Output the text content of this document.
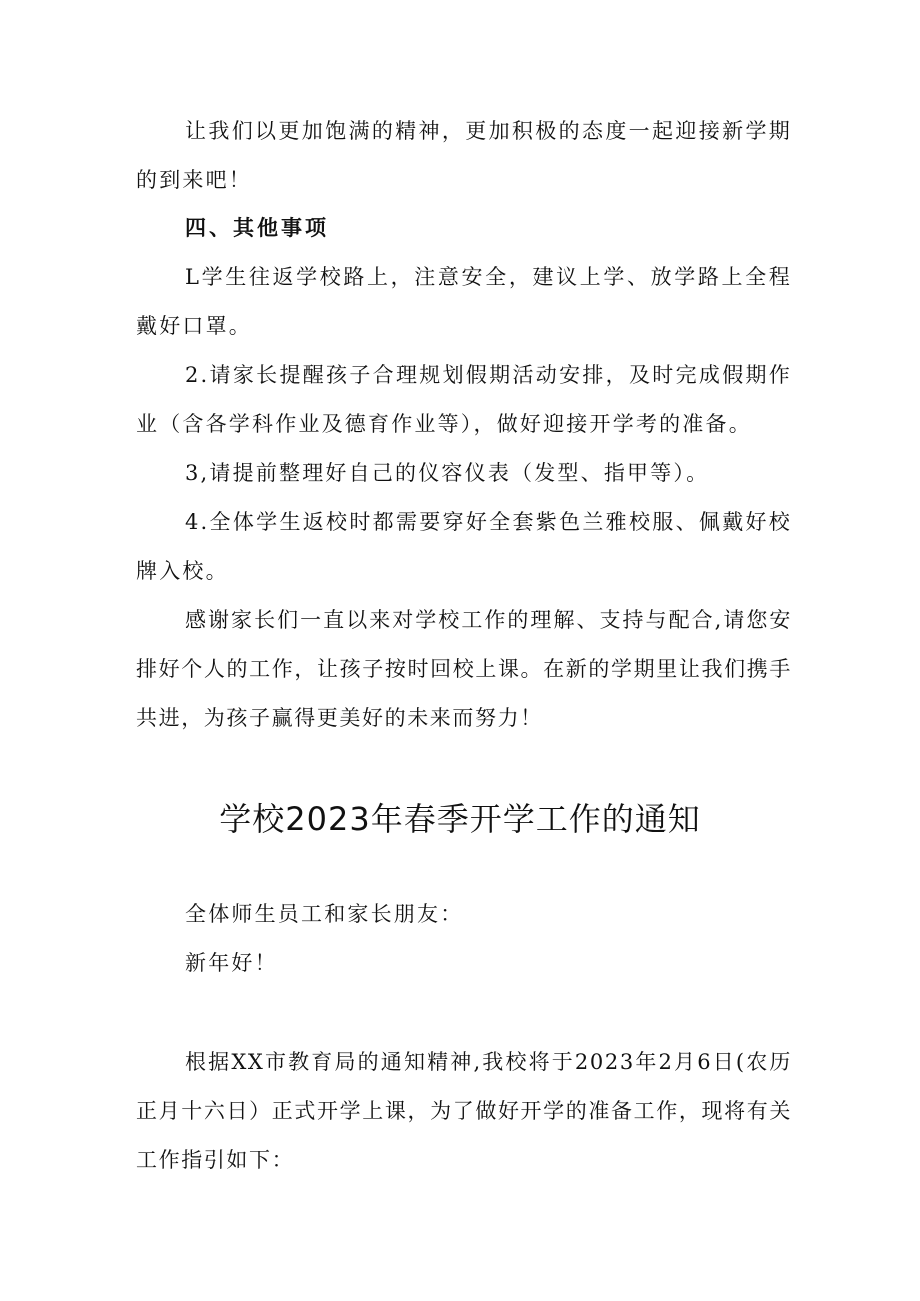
让我们以更加饱满的精神，更加积极的态度一起迎接新学期的到来吧！

四、其他事项

L学生往返学校路上，注意安全，建议上学、放学路上全程戴好口罩。

2.请家长提醒孩子合理规划假期活动安排，及时完成假期作业（含各学科作业及德育作业等），做好迎接开学考的准备。

3,请提前整理好自己的仪容仪表（发型、指甲等）。

4.全体学生返校时都需要穿好全套紫色兰雅校服、佩戴好校牌入校。

感谢家长们一直以来对学校工作的理解、支持与配合,请您安排好个人的工作，让孩子按时回校上课。在新的学期里让我们携手共进，为孩子赢得更美好的未来而努力！

学校2023年春季开学工作的通知

全体师生员工和家长朋友：

新年好！

根据XX市教育局的通知精神,我校将于2023年2月6日(农历正月十六日）正式开学上课，为了做好开学的准备工作，现将有关工作指引如下：
